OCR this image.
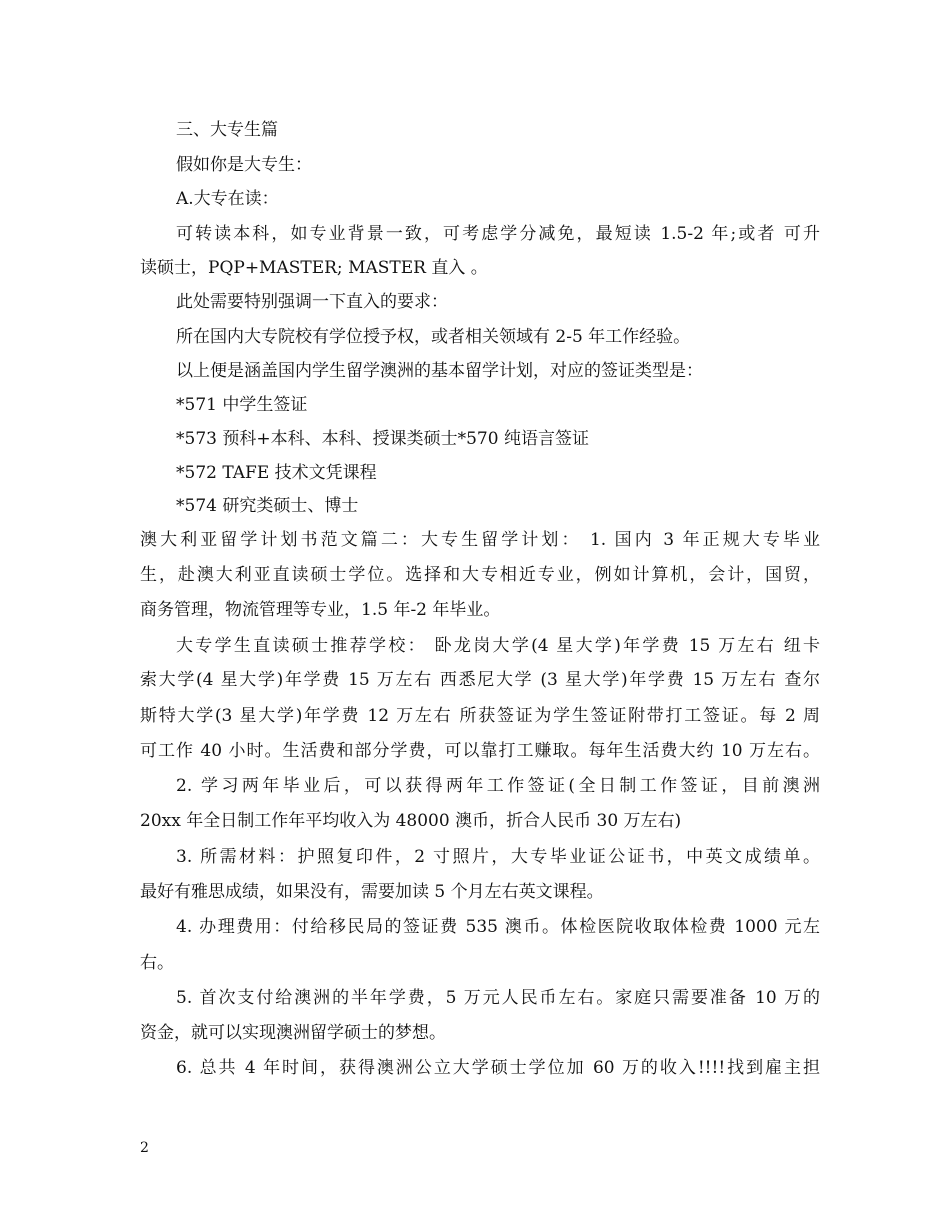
三、大专生篇
假如你是大专生：
A.大专在读：
可转读本科，如专业背景一致，可考虑学分减免，最短读 1.5-2 年;或者 可升
读硕士，PQP+MASTER; MASTER 直入 。
此处需要特别强调一下直入的要求：
所在国内大专院校有学位授予权，或者相关领域有 2-5 年工作经验。
以上便是涵盖国内学生留学澳洲的基本留学计划，对应的签证类型是：
*571 中学生签证
*573 预科+本科、本科、授课类硕士*570 纯语言签证
*572 TAFE 技术文凭课程
*574 研究类硕士、博士
澳大利亚留学计划书范文篇二：大专生留学计划： 1. 国内 3 年正规大专毕业
生，赴澳大利亚直读硕士学位。选择和大专相近专业，例如计算机，会计，国贸，
商务管理，物流管理等专业，1.5 年-2 年毕业。
大专学生直读硕士推荐学校： 卧龙岗大学(4 星大学)年学费 15 万左右 纽卡
索大学(4 星大学)年学费 15 万左右 西悉尼大学 (3 星大学)年学费 15 万左右 查尔
斯特大学(3 星大学)年学费 12 万左右 所获签证为学生签证附带打工签证。每 2 周
可工作 40 小时。生活费和部分学费，可以靠打工赚取。每年生活费大约 10 万左右。
2. 学习两年毕业后，可以获得两年工作签证(全日制工作签证，目前澳洲
20xx 年全日制工作年平均收入为 48000 澳币，折合人民币 30 万左右)
3. 所需材料：护照复印件，2 寸照片，大专毕业证公证书，中英文成绩单。
最好有雅思成绩，如果没有，需要加读 5 个月左右英文课程。
4. 办理费用：付给移民局的签证费 535 澳币。体检医院收取体检费 1000 元左
右。
5. 首次支付给澳洲的半年学费，5 万元人民币左右。家庭只需要准备 10 万的
资金，就可以实现澳洲留学硕士的梦想。
6. 总共 4 年时间，获得澳洲公立大学硕士学位加 60 万的收入!!!!找到雇主担
2
